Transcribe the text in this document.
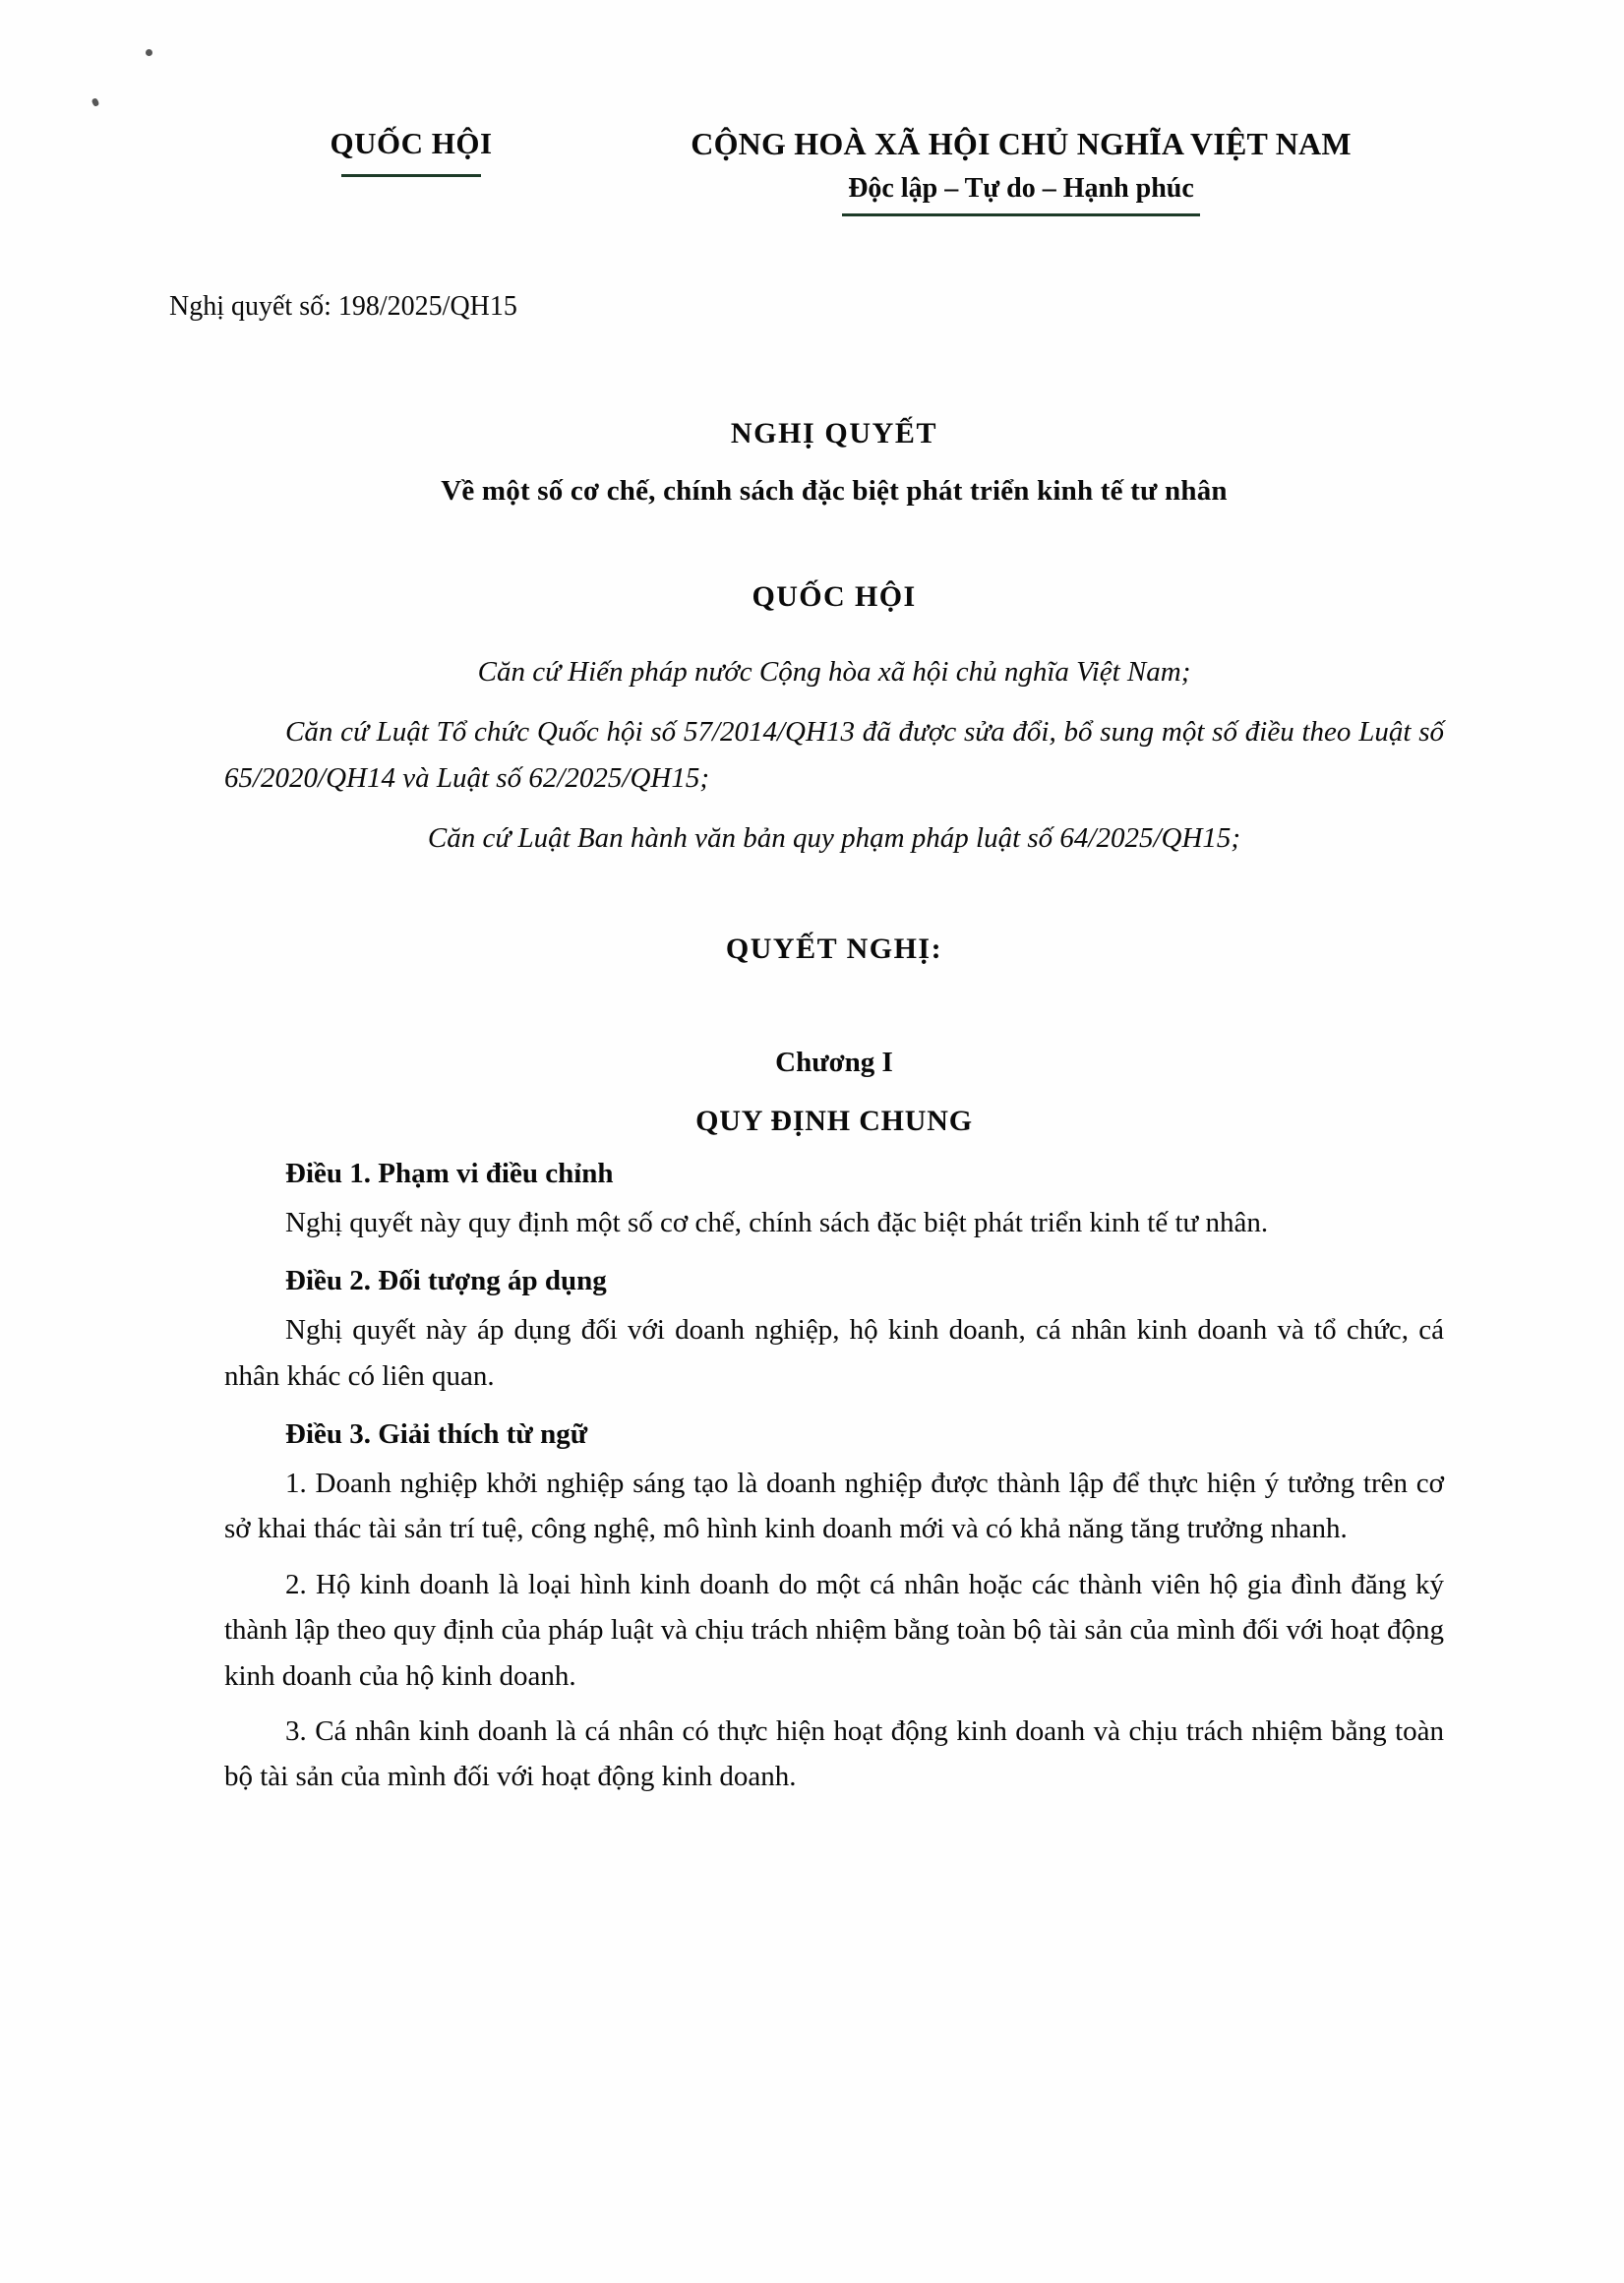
QUỐC HỘI	CỘNG HOÀ XÃ HỘI CHỦ NGHĨA VIỆT NAM
Độc lập – Tự do – Hạnh phúc
Nghị quyết số: 198/2025/QH15
NGHỊ QUYẾT
Về một số cơ chế, chính sách đặc biệt phát triển kinh tế tư nhân
QUỐC HỘI
Căn cứ Hiến pháp nước Cộng hòa xã hội chủ nghĩa Việt Nam;
Căn cứ Luật Tổ chức Quốc hội số 57/2014/QH13 đã được sửa đổi, bổ sung một số điều theo Luật số 65/2020/QH14 và Luật số 62/2025/QH15;
Căn cứ Luật Ban hành văn bản quy phạm pháp luật số 64/2025/QH15;
QUYẾT NGHỊ:
Chương I
QUY ĐỊNH CHUNG
Điều 1. Phạm vi điều chỉnh
Nghị quyết này quy định một số cơ chế, chính sách đặc biệt phát triển kinh tế tư nhân.
Điều 2. Đối tượng áp dụng
Nghị quyết này áp dụng đối với doanh nghiệp, hộ kinh doanh, cá nhân kinh doanh và tổ chức, cá nhân khác có liên quan.
Điều 3. Giải thích từ ngữ
1. Doanh nghiệp khởi nghiệp sáng tạo là doanh nghiệp được thành lập để thực hiện ý tưởng trên cơ sở khai thác tài sản trí tuệ, công nghệ, mô hình kinh doanh mới và có khả năng tăng trưởng nhanh.
2. Hộ kinh doanh là loại hình kinh doanh do một cá nhân hoặc các thành viên hộ gia đình đăng ký thành lập theo quy định của pháp luật và chịu trách nhiệm bằng toàn bộ tài sản của mình đối với hoạt động kinh doanh của hộ kinh doanh.
3. Cá nhân kinh doanh là cá nhân có thực hiện hoạt động kinh doanh và chịu trách nhiệm bằng toàn bộ tài sản của mình đối với hoạt động kinh doanh.
